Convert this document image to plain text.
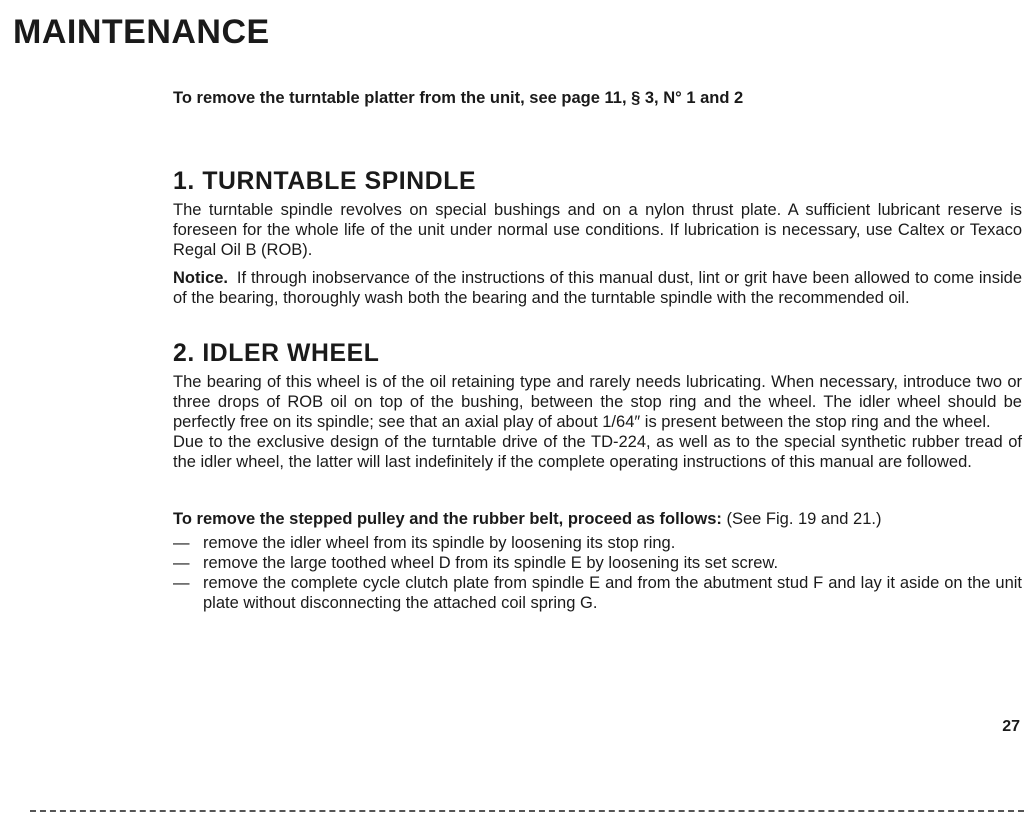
MAINTENANCE

To remove the turntable platter from the unit, see page 11, § 3, N° 1 and 2

1. TURNTABLE SPINDLE

The turntable spindle revolves on special bushings and on a nylon thrust plate. A sufficient lubricant reserve is foreseen for the whole life of the unit under normal use conditions. If lubrication is necessary, use Caltex or Texaco Regal Oil B (ROB).

Notice. If through inobservance of the instructions of this manual dust, lint or grit have been allowed to come inside of the bearing, thoroughly wash both the bearing and the turntable spindle with the recommended oil.

2. IDLER WHEEL

The bearing of this wheel is of the oil retaining type and rarely needs lubricating. When necessary, introduce two or three drops of ROB oil on top of the bushing, between the stop ring and the wheel. The idler wheel should be perfectly free on its spindle; see that an axial play of about 1/64″ is present between the stop ring and the wheel.

Due to the exclusive design of the turntable drive of the TD-224, as well as to the special synthetic rubber tread of the idler wheel, the latter will last indefinitely if the complete operating instructions of this manual are followed.

To remove the stepped pulley and the rubber belt, proceed as follows: (See Fig. 19 and 21.)

— remove the idler wheel from its spindle by loosening its stop ring.
— remove the large toothed wheel D from its spindle E by loosening its set screw.
— remove the complete cycle clutch plate from spindle E and from the abutment stud F and lay it aside on the unit plate without disconnecting the attached coil spring G.
27
